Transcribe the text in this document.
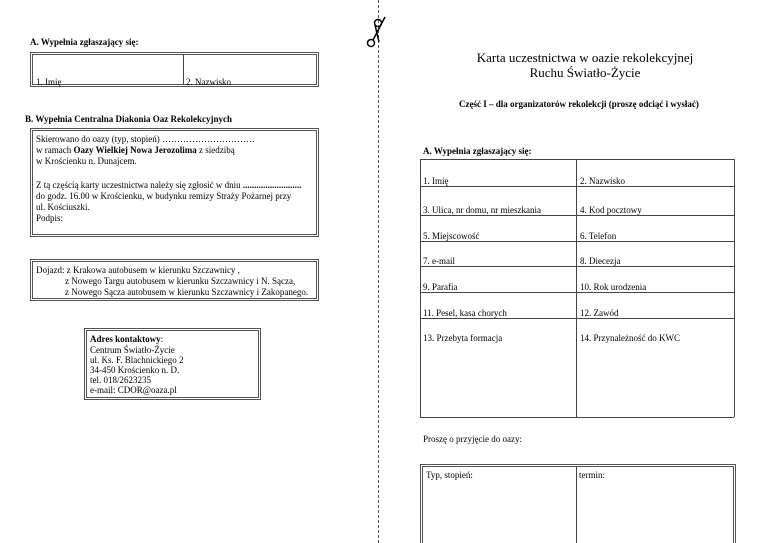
A. Wypełnia zgłaszający się:
1. Imię	2. Nazwisko
B. Wypełnia Centralna Diakonia Oaz Rekolekcyjnych
Skierowano do oazy (typ, stopień) ………………………….
w ramach Oazy Wielkiej Nowa Jerozolima z siedzibą
w Krościenku n. Dunajcem.
Z tą częścią karty uczestnictwa należy się zgłosić w dniu ..........................
do godz. 16.00 w Krościenku, w budynku remizy Straży Pożarnej przy
ul. Kościuszki.
Podpis:
Dojazd: z Krakowa autobusem w kierunku Szczawnicy ,
z Nowego Targu autobusem w kierunku Szczawnicy i N. Sącza,
z Nowego Sącza autobusem w kierunku Szczawnicy i Zakopanego.
Adres kontaktowy:
Centrum Światło-Życie
ul. Ks. F. Blachnickiego 2
34-450 Krościenko n. D.
tel. 018/2623235
e-mail: CDOR@oaza.pl
Karta uczestnictwa w oazie rekolekcyjnej
Ruchu Światło-Życie
Część I – dla organizatorów rekolekcji (proszę odciąć i wysłać)
A. Wypełnia zgłaszający się:
1. Imię	2. Nazwisko
3. Ulica, nr domu, nr mieszkania	4. Kod pocztowy
5. Miejscowość	6. Telefon
7. e-mail	8. Diecezja
9. Parafia	10. Rok urodzenia
11. Pesel, kasa chorych	12. Zawód
13. Przebyta formacja	14. Przynależność do KWC
Proszę o przyjęcie do oazy:
Typ, stopień:	termin:
